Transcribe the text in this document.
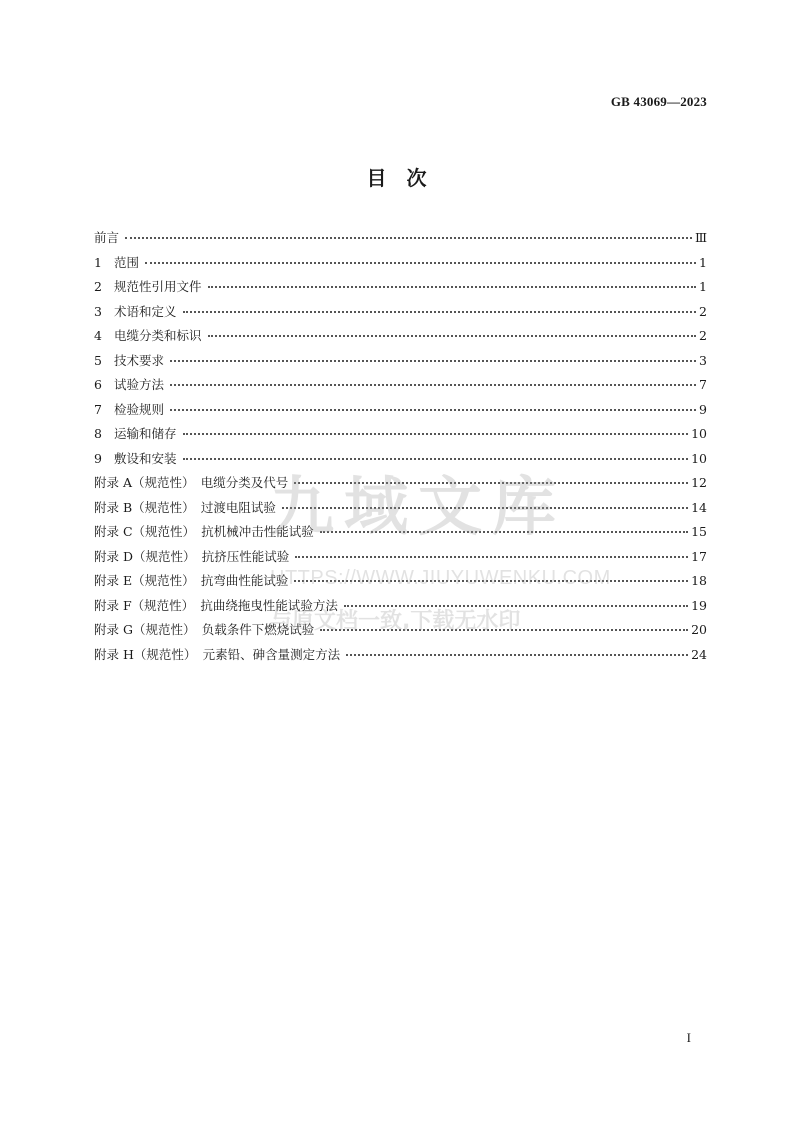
GB 43069—2023
目　次
前言	Ⅲ
1 范围	1
2 规范性引用文件	1
3 术语和定义	2
4 电缆分类和标识	2
5 技术要求	3
6 试验方法	7
7 检验规则	9
8 运输和储存	10
9 敷设和安装	10
附录 A（规范性）　电缆分类及代号	12
附录 B（规范性）　过渡电阻试验	14
附录 C（规范性）　抗机械冲击性能试验	15
附录 D（规范性）　抗挤压性能试验	17
附录 E（规范性）　抗弯曲性能试验	18
附录 F（规范性）　抗曲绕拖曳性能试验方法	19
附录 G（规范性）　负载条件下燃烧试验	20
附录 H（规范性）　元素铅、砷含量测定方法	24
九域文库
HTTPS://WWW.JIUYUWENKU.COM
与原文档一致,下载无水印
I
